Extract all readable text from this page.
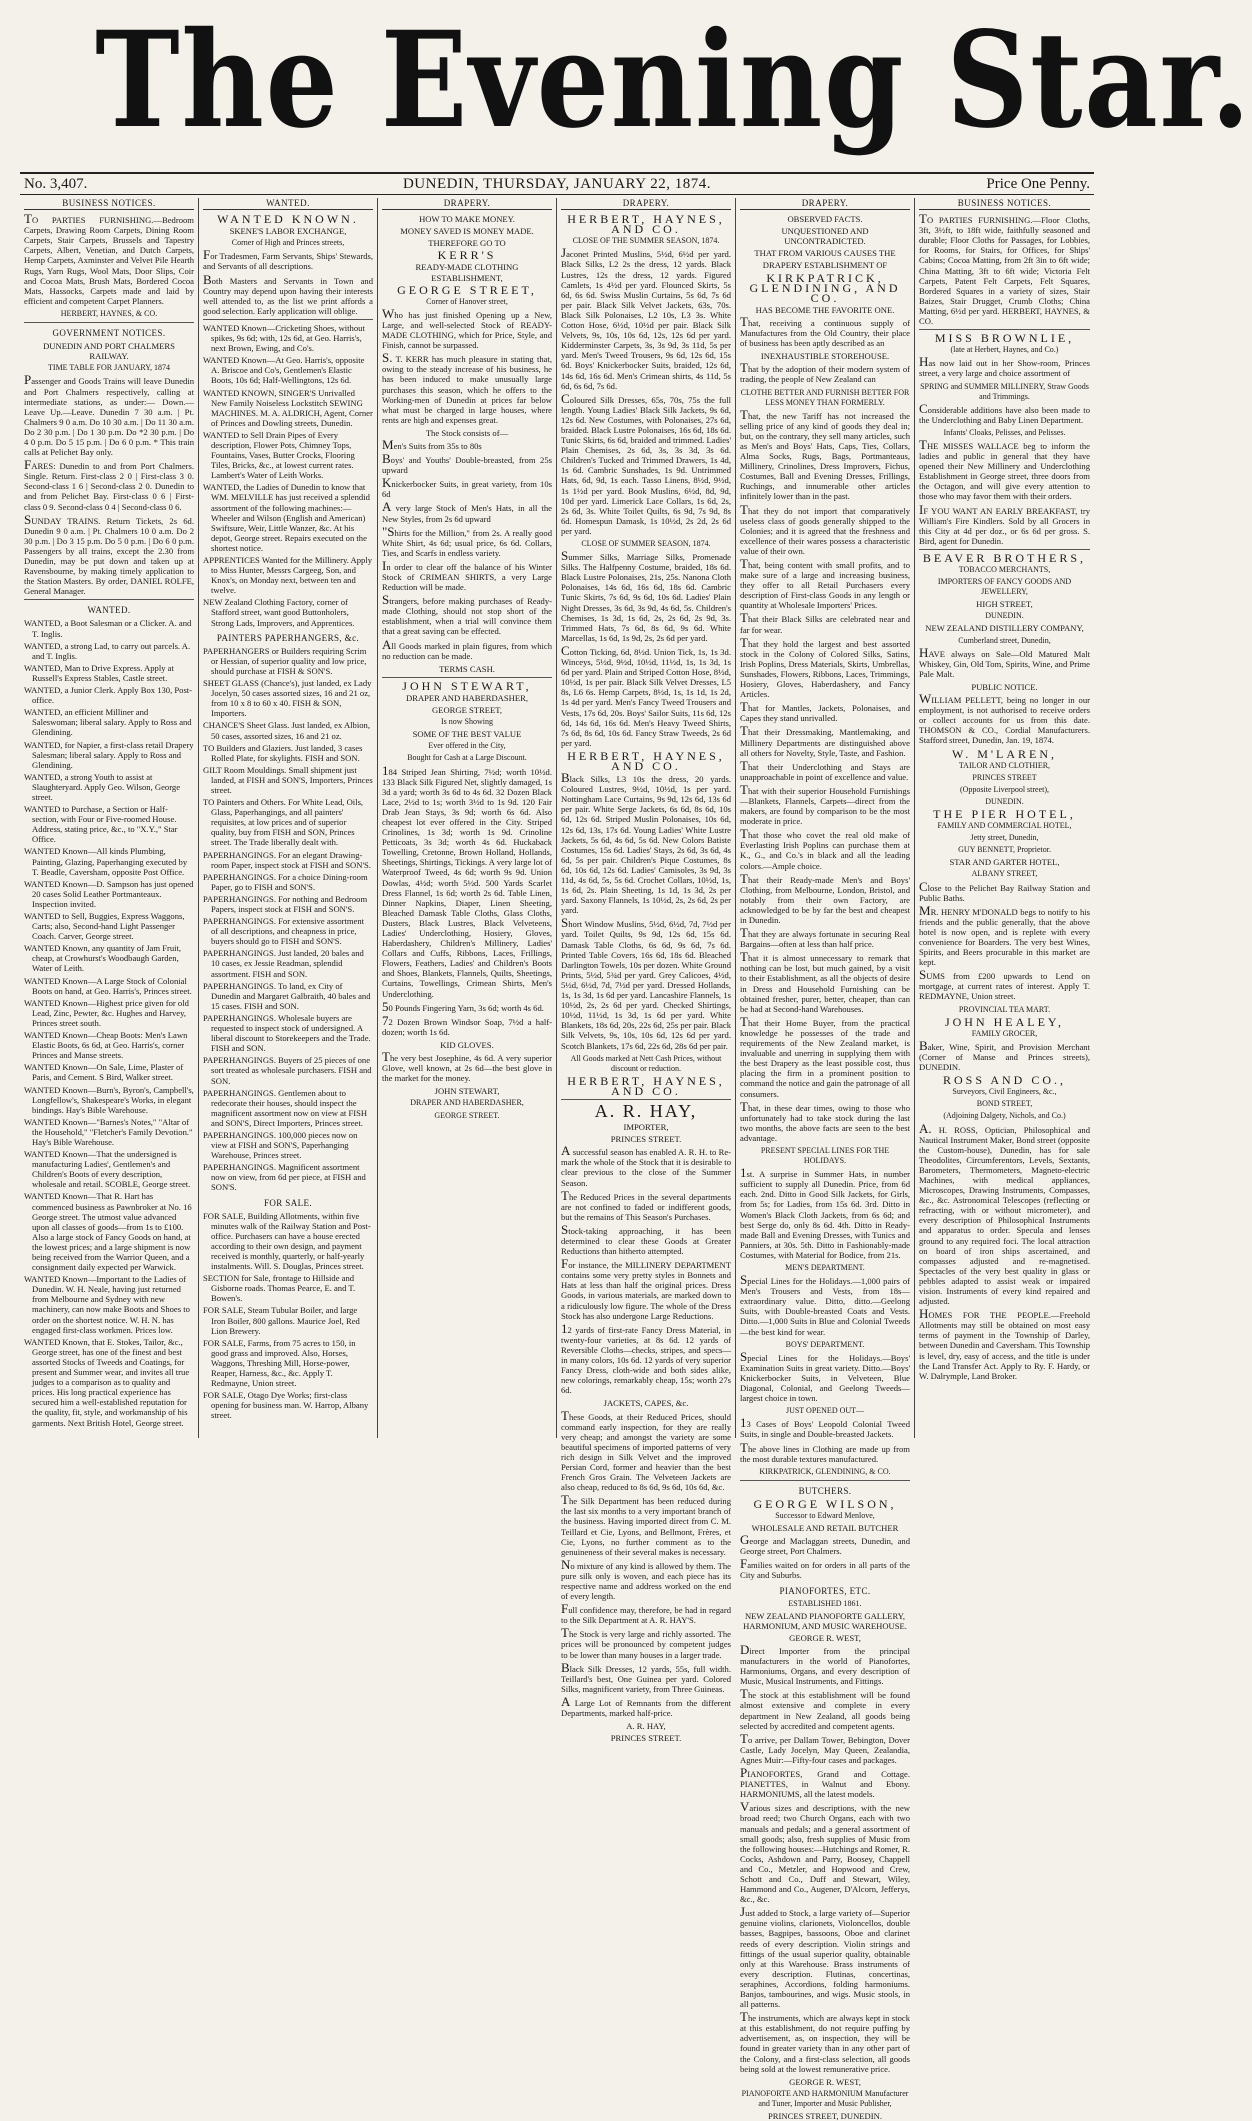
The Evening Star.
No. 3,407.	DUNEDIN, THURSDAY, JANUARY 22, 1874.	Price One Penny.
BUSINESS NOTICES.

TO PARTIES FURNISHING.—Bedroom Carpets, Drawing Room Carpets, Dining Room Carpets, Stair Carpets, Brussels and Tapestry Carpets, Albert, Venetian, and Dutch Carpets, Hemp Carpets, Axminster and Velvet Pile Hearth Rugs, Yarn Rugs, Wool Mats, Door Slips, Coir and Cocoa Mats, Brush Mats, Bordered Cocoa Mats, Hassocks, Carpets made and laid by efficient and competent Carpet Planners.

HERBERT, HAYNES, & CO.
GOVERNMENT NOTICES.
DUNEDIN AND PORT CHALMERS RAILWAY.
TIME TABLE FOR JANUARY, 1874

Passenger and Goods Trains will leave Dunedin and Port Chalmers respectively, calling at intermediate stations, as under:— Down.—Leave Up.—Leave. Dunedin 7 30 a.m. | Pt. Chalmers 9 0 a.m. Do 10 30 a.m. | Do 11 30 a.m. Do 2 30 p.m. | Do 1 30 p.m. Do *2 30 p.m. | Do 4 0 p.m. Do 5 15 p.m. | Do 6 0 p.m. * This train calls at Pelichet Bay only.

FARES: Dunedin to and from Port Chalmers. Single. Return. First-class 2 0 | First-class 3 0. Second-class 1 6 | Second-class 2 0. Dunedin to and from Pelichet Bay. First-class 0 6 | First-class 0 9. Second-class 0 4 | Second-class 0 6.

SUNDAY TRAINS. Return Tickets, 2s 6d. Dunedin 9 0 a.m. | Pt. Chalmers 10 0 a.m. Do 2 30 p.m. | Do 3 15 p.m. Do 5 0 p.m. | Do 6 0 p.m. Passengers by all trains, except the 2.30 from Dunedin, may be put down and taken up at Ravensbourne, by making timely application to the Station Masters. By order, DANIEL ROLFE, General Manager.

WANTED.

WANTED, a Boot Salesman or a Clicker. A. and T. Inglis.

WANTED, a strong Lad, to carry out parcels. A. and T. Inglis.

WANTED, Man to Drive Express. Apply at Russell's Express Stables, Castle street.

WANTED, a Junior Clerk. Apply Box 130, Post-office.

WANTED, an efficient Milliner and Saleswoman; liberal salary. Apply to Ross and Glendining.

WANTED, for Napier, a first-class retail Drapery Salesman; liberal salary. Apply to Ross and Glendining.

WANTED, a strong Youth to assist at Slaughteryard. Apply Geo. Wilson, George street.

WANTED to Purchase, a Section or Half-section, with Four or Five-roomed House. Address, stating price, &c., to "X.Y.," Star Office.

WANTED Known—All kinds Plumbing, Painting, Glazing, Paperhanging executed by T. Beadle, Caversham, opposite Post Office.

WANTED Known—D. Sampson has just opened 20 cases Solid Leather Portmanteaux. Inspection invited.

WANTED to Sell, Buggies, Express Waggons, Carts; also, Second-hand Light Passenger Coach. Carver, George street.

WANTED Known, any quantity of Jam Fruit, cheap, at Crowhurst's Woodbaugh Garden, Water of Leith.

WANTED Known—A Large Stock of Colonial Boots on hand, at Geo. Harris's, Princes street.

WANTED Known—Highest price given for old Lead, Zinc, Pewter, &c. Hughes and Harvey, Princes street south.

WANTED Known—Cheap Boots: Men's Lawn Elastic Boots, 6s 6d, at Geo. Harris's, corner Princes and Manse streets.

WANTED Known—On Sale, Lime, Plaster of Paris, and Cement. S Bird, Walker street.

WANTED Known—Burn's, Byron's, Campbell's, Longfellow's, Shakespeare's Works, in elegant bindings. Hay's Bible Warehouse.

WANTED Known—"Barnes's Notes," "Altar of the Household," "Fletcher's Family Devotion." Hay's Bible Warehouse.

WANTED Known—That the undersigned is manufacturing Ladies', Gentlemen's and Children's Boots of every description, wholesale and retail. SCOBLE, George street.

WANTED Known—That R. Hart has commenced business as Pawnbroker at No. 16 George street. The utmost value advanced upon all classes of goods—from 1s to £100. Also a large stock of Fancy Goods on hand, at the lowest prices; and a large shipment is now being received from the Warrior Queen, and a consignment daily expected per Warwick.

WANTED Known—Important to the Ladies of Dunedin. W. H. Neale, having just returned from Melbourne and Sydney with new machinery, can now make Boots and Shoes to order on the shortest notice. W. H. N. has engaged first-class workmen. Prices low.

WANTED Known, that E. Stokes, Tailor, &c., George street, has one of the finest and best assorted Stocks of Tweeds and Coatings, for present and Summer wear, and invites all true judges to a comparison as to quality and prices. His long practical experience has secured him a well-established reputation for the quality, fit, style, and workmanship of his garments. Next British Hotel, George street.

WANTED.
WANTED KNOWN.
SKENE'S LABOR EXCHANGE,
Corner of High and Princes streets,

For Tradesmen, Farm Servants, Ships' Stewards, and Servants of all descriptions.

Both Masters and Servants in Town and Country may depend upon having their interests well attended to, as the list we print affords a good selection. Early application will oblige.

WANTED Known—Cricketing Shoes, without spikes, 9s 6d; with, 12s 6d, at Geo. Harris's, next Brown, Ewing, and Co's.

WANTED Known—At Geo. Harris's, opposite A. Briscoe and Co's, Gentlemen's Elastic Boots, 10s 6d; Half-Wellingtons, 12s 6d.

WANTED KNOWN, SINGER'S Unrivalled New Family Noiseless Lockstitch SEWING MACHINES. M. A. ALDRICH, Agent, Corner of Princes and Dowling streets, Dunedin.

WANTED to Sell Drain Pipes of Every description, Flower Pots, Chimney Tops, Fountains, Vases, Butter Crocks, Flooring Tiles, Bricks, &c., at lowest current rates. Lambert's Water of Leith Works.

WANTED, the Ladies of Dunedin to know that WM. MELVILLE has just received a splendid assortment of the following machines:— Wheeler and Wilson (English and American) Swiftsure, Weir, Little Wanzer, &c. At his depot, George street. Repairs executed on the shortest notice.

APPRENTICES Wanted for the Millinery. Apply to Miss Hunter, Messrs Cargeeg, Son, and Knox's, on Monday next, between ten and twelve.

NEW Zealand Clothing Factory, corner of Stafford street, want good Buttonholers, Strong Lads, Improvers, and Apprentices.

PAINTERS PAPERHANGERS, &c.

PAPERHANGERS or Builders requiring Scrim or Hessian, of superior quality and low price, should purchase at FISH & SON'S.

SHEET GLASS (Chance's), just landed, ex Lady Jocelyn, 50 cases assorted sizes, 16 and 21 oz, from 10 x 8 to 60 x 40. FISH & SON, Importers.

CHANCE'S Sheet Glass. Just landed, ex Albion, 50 cases, assorted sizes, 16 and 21 oz.

TO Builders and Glaziers. Just landed, 3 cases Rolled Plate, for skylights. FISH and SON.

GILT Room Mouldings. Small shipment just landed, at FISH and SON'S, Importers, Princes street.

TO Painters and Others. For White Lead, Oils, Glass, Paperhangings, and all painters' requisites, at low prices and of superior quality, buy from FISH and SON, Princes street. The Trade liberally dealt with.

PAPERHANGINGS. For an elegant Drawing-room Paper, inspect stock at FISH and SON'S.

PAPERHANGINGS. For a choice Dining-room Paper, go to FISH and SON'S.

PAPERHANGINGS. For nothing and Bedroom Papers, inspect stock at FISH and SON'S.

PAPERHANGINGS. For extensive assortment of all descriptions, and cheapness in price, buyers should go to FISH and SON'S.

PAPERHANGINGS. Just landed, 20 bales and 10 cases, ex Jessie Readman, splendid assortment. FISH and SON.

PAPERHANGINGS. To land, ex City of Dunedin and Margaret Galbraith, 40 bales and 15 cases. FISH and SON.

PAPERHANGINGS. Wholesale buyers are requested to inspect stock of undersigned. A liberal discount to Storekeepers and the Trade. FISH and SON.

PAPERHANGINGS. Buyers of 25 pieces of one sort treated as wholesale purchasers. FISH and SON.

PAPERHANGINGS. Gentlemen about to redecorate their houses, should inspect the magnificent assortment now on view at FISH and SON'S, Direct Importers, Princes street.

PAPERHANGINGS. 100,000 pieces now on view at FISH and SON'S, Paperhanging Warehouse, Princes street.

PAPERHANGINGS. Magnificent assortment now on view, from 6d per piece, at FISH and SON'S.

FOR SALE.

FOR SALE, Building Allotments, within five minutes walk of the Railway Station and Post-office. Purchasers can have a house erected according to their own design, and payment received is monthly, quarterly, or half-yearly instalments. Will. S. Douglas, Princes street.

SECTION for Sale, frontage to Hillside and Gisborne roads. Thomas Pearce, E. and T. Bowen's.

FOR SALE, Steam Tubular Boiler, and large Iron Boiler, 800 gallons. Maurice Joel, Red Lion Brewery.

FOR SALE, Farms, from 75 acres to 150, in good grass and improved. Also, Horses, Waggons, Threshing Mill, Horse-power, Reaper, Harness, &c., &c. Apply T. Redmayne, Union street.

FOR SALE, Otago Dye Works; first-class opening for business man. W. Harrop, Albany street.

DRAPERY.
HOW TO MAKE MONEY.
MONEY SAVED IS MONEY MADE.
THEREFORE GO TO
KERR'S
READY-MADE CLOTHING ESTABLISHMENT,
GEORGE STREET,
Corner of Hanover street,

Who has just finished Opening up a New, Large, and well-selected Stock of READY-MADE CLOTHING, which for Price, Style, and Finish, cannot be surpassed.

S. T. KERR has much pleasure in stating that, owing to the steady increase of his business, he has been induced to make unusually large purchases this season, which he offers to the Working-men of Dunedin at prices far below what must be charged in large houses, where rents are high and expenses great.

The Stock consists of—

Men's Suits from 35s to 80s

Boys' and Youths' Double-breasted, from 25s upward

Knickerbocker Suits, in great variety, from 10s 6d

A very large Stock of Men's Hats, in all the New Styles, from 2s 6d upward

"Shirts for the Million," from 2s. A really good White Shirt, 4s 6d; usual price, 6s 6d. Collars, Ties, and Scarfs in endless variety.

In order to clear off the balance of his Winter Stock of CRIMEAN SHIRTS, a very Large Reduction will be made.

Strangers, before making purchases of Ready-made Clothing, should not stop short of the establishment, when a trial will convince them that a great saving can be effected.

All Goods marked in plain figures, from which no reduction can be made.

TERMS CASH.
JOHN STEWART,
DRAPER AND HABERDASHER,
GEORGE STREET,
Is now Showing
SOME OF THE BEST VALUE
Ever offered in the City,
Bought for Cash at a Large Discount.

184 Striped Jean Shirting, 7½d; worth 10½d. 133 Black Silk Figured Net, slightly damaged, 1s 3d a yard; worth 3s 6d to 4s 6d. 32 Dozen Black Lace, 2½d to 1s; worth 3½d to 1s 9d. 120 Fair Drab Jean Stays, 3s 9d; worth 6s 6d. Also cheapest lot ever offered in the City. Striped Crinolines, 1s 3d; worth 1s 9d. Crinoline Petticoats, 3s 3d; worth 4s 6d. Huckaback Towelling, Cretonne, Brown Holland, Hollands, Sheetings, Shirtings, Tickings. A very large lot of Waterproof Tweed, 4s 6d; worth 9s 9d. Union Dowlas, 4½d; worth 5½d. 500 Yards Scarlet Dress Flannel, 1s 6d; worth 2s 6d. Table Linen, Dinner Napkins, Diaper, Linen Sheeting, Bleached Damask Table Cloths, Glass Cloths, Dusters, Black Lustres, Black Velveteens, Ladies' Underclothing, Hosiery, Gloves, Haberdashery, Children's Millinery, Ladies' Collars and Cuffs, Ribbons, Laces, Frillings, Flowers, Feathers, Ladies' and Children's Boots and Shoes, Blankets, Flannels, Quilts, Sheetings, Curtains, Towellings, Crimean Shirts, Men's Underclothing.

50 Pounds Fingering Yarn, 3s 6d; worth 4s 6d.

72 Dozen Brown Windsor Soap, 7½d a half-dozen; worth 1s 6d.

KID GLOVES.

The very best Josephine, 4s 6d. A very superior Glove, well known, at 2s 6d—the best glove in the market for the money.

JOHN STEWART,
DRAPER AND HABERDASHER,
GEORGE STREET.
DRAPERY.
HERBERT, HAYNES, AND CO.
CLOSE OF THE SUMMER SEASON, 1874.

Jaconet Printed Muslins, 5½d, 6½d per yard. Black Silks, L2 2s the dress, 12 yards. Black Lustres, 12s the dress, 12 yards. Figured Camlets, 1s 4½d per yard. Flounced Skirts, 5s 6d, 6s 6d. Swiss Muslin Curtains, 5s 6d, 7s 6d per pair. Black Silk Velvet Jackets, 63s, 70s. Black Silk Polonaises, L2 10s, L3 3s. White Cotton Hose, 6½d, 10½d per pair. Black Silk Velvets, 9s, 10s, 10s 6d, 12s, 12s 6d per yard. Kidderminster Carpets, 3s, 3s 9d, 3s 11d, 5s per yard. Men's Tweed Trousers, 9s 6d, 12s 6d, 15s 6d. Boys' Knickerbocker Suits, braided, 12s 6d, 14s 6d, 16s 6d. Men's Crimean shirts, 4s 11d, 5s 6d, 6s 6d, 7s 6d.

Coloured Silk Dresses, 65s, 70s, 75s the full length. Young Ladies' Black Silk Jackets, 9s 6d, 12s 6d. New Costumes, with Polonaises, 27s 6d, braided. Black Lustre Polonaises, 16s 6d, 18s 6d. Tunic Skirts, 6s 6d, braided and trimmed. Ladies' Plain Chemises, 2s 6d, 3s, 3s 3d, 3s 6d. Children's Tucked and Trimmed Drawers, 1s 4d, 1s 6d. Cambric Sunshades, 1s 9d. Untrimmed Hats, 6d, 9d, 1s each. Tasso Linens, 8½d, 9½d, 1s 1½d per yard. Book Muslins, 6½d, 8d, 9d, 10d per yard. Limerick Lace Collars, 1s 6d, 2s, 2s 6d, 3s. White Toilet Quilts, 6s 9d, 7s 9d, 8s 6d. Homespun Damask, 1s 10½d, 2s 2d, 2s 6d per yard.

CLOSE OF SUMMER SEASON, 1874.

Summer Silks, Marriage Silks, Promenade Silks. The Halfpenny Costume, braided, 18s 6d. Black Lustre Polonaises, 21s, 25s. Nanona Cloth Polonaises, 14s 6d, 16s 6d, 18s 6d. Cambric Tunic Skirts, 7s 6d, 9s 6d, 10s 6d. Ladies' Plain Night Dresses, 3s 6d, 3s 9d, 4s 6d, 5s. Children's Chemises, 1s 3d, 1s 6d, 2s, 2s 6d, 2s 9d, 3s. Trimmed Hats, 7s 6d, 8s 6d, 9s 6d. White Marcellas, 1s 6d, 1s 9d, 2s, 2s 6d per yard.

Cotton Ticking, 6d, 8½d. Union Tick, 1s, 1s 3d. Winceys, 5½d, 9½d, 10½d, 11½d, 1s, 1s 3d, 1s 6d per yard. Plain and Striped Cotton Hose, 8½d, 10½d, 1s per pair. Black Silk Velvet Dresses, L5 8s, L6 6s. Hemp Carpets, 8½d, 1s, 1s 1d, 1s 2d, 1s 4d per yard. Men's Fancy Tweed Trousers and Vests, 17s 6d, 20s. Boys' Sailor Suits, 11s 6d, 12s 6d, 14s 6d, 16s 6d. Men's Heavy Tweed Shirts, 7s 6d, 8s 6d, 10s 6d. Fancy Straw Tweeds, 2s 6d per yard.

HERBERT, HAYNES, AND CO.

Black Silks, L3 10s the dress, 20 yards. Coloured Lustres, 9½d, 10½d, 1s per yard. Nottingham Lace Curtains, 9s 9d, 12s 6d, 13s 6d per pair. White Serge Jackets, 6s 6d, 8s 6d, 10s 6d, 12s 6d. Striped Muslin Polonaises, 10s 6d, 12s 6d, 13s, 17s 6d. Young Ladies' White Lustre Jackets, 5s 6d, 4s 6d, 5s 6d. New Colors Batiste Costumes, 15s 6d. Ladies' Stays, 2s 6d, 3s 6d, 4s 6d, 5s per pair. Children's Pique Costumes, 8s 6d, 10s 6d, 12s 6d. Ladies' Camisoles, 3s 9d, 3s 11d, 4s 6d, 5s, 5s 6d. Crochet Collars, 10½d, 1s, 1s 6d, 2s. Plain Sheeting, 1s 1d, 1s 3d, 2s per yard. Saxony Flannels, 1s 10½d, 2s, 2s 6d, 2s per yard.

Short Window Muslins, 5½d, 6½d, 7d, 7½d per yard. Toilet Quilts, 9s 9d, 12s 6d, 15s 6d. Damask Table Cloths, 6s 6d, 9s 6d, 7s 6d. Printed Table Covers, 16s 6d, 18s 6d. Bleached Darlington Towels, 10s per dozen. White Ground Prints, 5½d, 5¾d per yard. Grey Calicoes, 4½d, 5½d, 6½d, 7d, 7½d per yard. Dressed Hollands, 1s, 1s 3d, 1s 6d per yard. Lancashire Flannels, 1s 10½d, 2s, 2s 6d per yard. Checked Shirtings, 10½d, 11½d, 1s 3d, 1s 6d per yard. White Blankets, 18s 6d, 20s, 22s 6d, 25s per pair. Black Silk Velvets, 9s, 10s, 10s 6d, 12s 6d per yard. Scotch Blankets, 17s 6d, 22s 6d, 28s 6d per pair.

All Goods marked at Nett Cash Prices, without discount or reduction.
HERBERT, HAYNES, AND CO.
A. R. HAY,
IMPORTER,
PRINCES STREET.

A successful season has enabled A. R. H. to Re-mark the whole of the Stock that it is desirable to clear previous to the close of the Summer Season.

The Reduced Prices in the several departments are not confined to faded or indifferent goods, but the remains of This Season's Purchases.

Stock-taking approaching, it has been determined to clear these Goods at Greater Reductions than hitherto attempted.

For instance, the MILLINERY DEPARTMENT contains some very pretty styles in Bonnets and Hats at less than half the original prices. Dress Goods, in various materials, are marked down to a ridiculously low figure. The whole of the Dress Stock has also undergone Large Reductions.

12 yards of first-rate Fancy Dress Material, in twenty-four varieties, at 8s 6d. 12 yards of Reversible Cloths—checks, stripes, and specs—in many colors, 10s 6d. 12 yards of very superior Fancy Dress, cloth-wide and both sides alike, new colorings, remarkably cheap, 15s; worth 27s 6d.

JACKETS, CAPES, &c.

These Goods, at their Reduced Prices, should command early inspection, for they are really very cheap; and amongst the variety are some beautiful specimens of imported patterns of very rich design in Silk Velvet and the improved Persian Cord, former and heavier than the best French Gros Grain. The Velveteen Jackets are also cheap, reduced to 8s 6d, 9s 6d, 10s 6d, &c.

The Silk Department has been reduced during the last six months to a very important branch of the business. Having imported direct from C. M. Teillard et Cie, Lyons, and Bellmont, Frères, et Cie, Lyons, no further comment as to the genuineness of their several makes is necessary.

No mixture of any kind is allowed by them. The pure silk only is woven, and each piece has its respective name and address worked on the end of every length.

Full confidence may, therefore, be had in regard to the Silk Department at A. R. HAY'S.

The Stock is very large and richly assorted. The prices will be pronounced by competent judges to be lower than many houses in a larger trade.

Black Silk Dresses, 12 yards, 55s, full width. Teillard's best, One Guinea per yard. Colored Silks, magnificent variety, from Three Guineas.

A Large Lot of Remnants from the different Departments, marked half-price.

A. R. HAY,
PRINCES STREET.
DRAPERY.
OBSERVED FACTS.
UNQUESTIONED AND UNCONTRADICTED.
THAT FROM VARIOUS CAUSES THE
DRAPERY ESTABLISHMENT OF
KIRKPATRICK, GLENDINING, AND CO.
HAS BECOME THE FAVORITE ONE.

That, receiving a continuous supply of Manufactures from the Old Country, their place of business has been aptly described as an

INEXHAUSTIBLE STOREHOUSE.

That by the adoption of their modern system of trading, the people of New Zealand can

CLOTHE BETTER AND FURNISH BETTER FOR LESS MONEY THAN FORMERLY.

That, the new Tariff has not increased the selling price of any kind of goods they deal in; but, on the contrary, they sell many articles, such as Men's and Boys' Hats, Caps, Ties, Collars, Alma Socks, Rugs, Bags, Portmanteaus, Millinery, Crinolines, Dress Improvers, Fichus, Costumes, Ball and Evening Dresses, Frillings, Ruchings, and innumerable other articles infinitely lower than in the past.

That they do not import that comparatively useless class of goods generally shipped to the Colonies; and it is agreed that the freshness and excellence of their wares possess a characteristic value of their own.

That, being content with small profits, and to make sure of a large and increasing business, they offer to all Retail Purchasers every description of First-class Goods in any length or quantity at Wholesale Importers' Prices.

That their Black Silks are celebrated near and far for wear.

That they hold the largest and best assorted stock in the Colony of Colored Silks, Satins, Irish Poplins, Dress Materials, Skirts, Umbrellas, Sunshades, Flowers, Ribbons, Laces, Trimmings, Hosiery, Gloves, Haberdashery, and Fancy Articles.

That for Mantles, Jackets, Polonaises, and Capes they stand unrivalled.

That their Dressmaking, Mantlemaking, and Millinery Departments are distinguished above all others for Novelty, Style, Taste, and Fashion.

That their Underclothing and Stays are unapproachable in point of excellence and value.

That with their superior Household Furnishings—Blankets, Flannels, Carpets—direct from the makers, are found by comparison to be the most moderate in price.

That those who covet the real old make of Everlasting Irish Poplins can purchase them at K., G., and Co.'s in black and all the leading colors.—Ample choice.

That their Ready-made Men's and Boys' Clothing, from Melbourne, London, Bristol, and notably from their own Factory, are acknowledged to be by far the best and cheapest in Dunedin.

That they are always fortunate in securing Real Bargains—often at less than half price.

That it is almost unnecessary to remark that nothing can be lost, but much gained, by a visit to their Establishment, as all the objects of desire in Dress and Household Furnishing can be obtained fresher, purer, better, cheaper, than can be had at Second-hand Warehouses.

That their Home Buyer, from the practical knowledge he possesses of the trade and requirements of the New Zealand market, is invaluable and unerring in supplying them with the best Drapery as the least possible cost, thus placing the firm in a prominent position to command the notice and gain the patronage of all consumers.

That, in these dear times, owing to those who unfortunately had to take stock during the last two months, the above facts are seen to the best advantage.

PRESENT SPECIAL LINES FOR THE HOLIDAYS.

1st. A surprise in Summer Hats, in number sufficient to supply all Dunedin. Price, from 6d each. 2nd. Ditto in Good Silk Jackets, for Girls, from 5s; for Ladies, from 15s 6d. 3rd. Ditto in Women's Black Cloth Jackets, from 6s 6d; and best Serge do, only 8s 6d. 4th. Ditto in Ready-made Ball and Evening Dresses, with Tunics and Panniers, at 30s. 5th. Ditto in Fashionably-made Costumes, with Material for Bodice, from 21s.

MEN'S DEPARTMENT.

Special Lines for the Holidays.—1,000 pairs of Men's Trousers and Vests, from 18s—extraordinary value. Ditto, ditto.—Geelong Suits, with Double-breasted Coats and Vests. Ditto.—1,000 Suits in Blue and Colonial Tweeds—the best kind for wear.

BOYS' DEPARTMENT.

Special Lines for the Holidays.—Boys' Examination Suits in great variety. Ditto.—Boys' Knickerbocker Suits, in Velveteen, Blue Diagonal, Colonial, and Geelong Tweeds—largest choice in town.

JUST OPENED OUT—

13 Cases of Boys' Leopold Colonial Tweed Suits, in single and Double-breasted Jackets.

The above lines in Clothing are made up from the most durable textures manufactured.

KIRKPATRICK, GLENDINING, & CO.
BUTCHERS.
GEORGE WILSON,
Successor to Edward Menlove,
WHOLESALE AND RETAIL BUTCHER

George and Maclaggan streets, Dunedin, and George street, Port Chalmers.

Families waited on for orders in all parts of the City and Suburbs.

PIANOFORTES, ETC.
ESTABLISHED 1861.
NEW ZEALAND PIANOFORTE GALLERY, HARMONIUM, AND MUSIC WAREHOUSE.
GEORGE R. WEST,

Direct Importer from the principal manufacturers in the world of Pianofortes, Harmoniums, Organs, and every description of Music, Musical Instruments, and Fittings.

The stock at this establishment will be found almost extensive and complete in every department in New Zealand, all goods being selected by accredited and competent agents.

To arrive, per Dallam Tower, Bebington, Dover Castle, Lady Jocelyn, May Queen, Zealandia, Agnes Muir:—Fifty-four cases and packages.

PIANOFORTES, Grand and Cottage. PIANETTES, in Walnut and Ebony. HARMONIUMS, all the latest models.

Various sizes and descriptions, with the new broad reed; two Church Organs, each with two manuals and pedals; and a general assortment of small goods; also, fresh supplies of Music from the following houses:—Hutchings and Romer, R. Cocks, Ashdown and Parry, Boosey, Chappell and Co., Metzler, and Hopwood and Crew, Schott and Co., Duff and Stewart, Wiley, Hammond and Co., Augener, D'Alcorn, Jefferys, &c., &c.

Just added to Stock, a large variety of—Superior genuine violins, clarionets, Violoncellos, double basses, Bagpipes, bassoons, Oboe and clarinet reeds of every description. Violin strings and fittings of the usual superior quality, obtainable only at this Warehouse. Brass instruments of every description. Flutinas, concertinas, seraphines, Accordions, folding harmoniums. Banjos, tambourines, and wigs. Music stools, in all patterns.

The instruments, which are always kept in stock at this establishment, do not require puffing by advertisement, as, on inspection, they will be found in greater variety than in any other part of the Colony, and a first-class selection, all goods being sold at the lowest remunerative price.

GEORGE R. WEST,
PIANOFORTE AND HARMONIUM Manufacturer and Tuner, Importer and Music Publisher,
PRINCES STREET, DUNEDIN.
BUSINESS NOTICES.

TO PARTIES FURNISHING.—Floor Cloths, 3ft, 3½ft, to 18ft wide, faithfully seasoned and durable; Floor Cloths for Passages, for Lobbies, for Rooms, for Stairs, for Offices, for Ships' Cabins; Cocoa Matting, from 2ft 3in to 6ft wide; China Matting, 3ft to 6ft wide; Victoria Felt Carpets, Patent Felt Carpets, Felt Squares, Bordered Squares in a variety of sizes, Stair Baizes, Stair Drugget, Crumb Cloths; China Matting, 6½d per yard. HERBERT, HAYNES, & CO.

MISS BROWNLIE,
(late at Herbert, Haynes, and Co.)

Has now laid out in her Show-room, Princes street, a very large and choice assortment of

SPRING and SUMMER MILLINERY, Straw Goods and Trimmings.

Considerable additions have also been made to the Underclothing and Baby Linen Department.

Infants' Cloaks, Pelisses, and Pelisses.

THE MISSES WALLACE beg to inform the ladies and public in general that they have opened their New Millinery and Underclothing Establishment in George street, three doors from the Octagon, and will give every attention to those who may favor them with their orders.

IF YOU WANT AN EARLY BREAKFAST, try William's Fire Kindlers. Sold by all Grocers in this City at 4d per doz., or 6s 6d per gross. S. Bird, agent for Dunedin.

BEAVER BROTHERS,
TOBACCO MERCHANTS,
IMPORTERS OF FANCY GOODS AND JEWELLERY,
HIGH STREET,
DUNEDIN.
NEW ZEALAND DISTILLERY COMPANY,
Cumberland street, Dunedin,

HAVE always on Sale—Old Matured Malt Whiskey, Gin, Old Tom, Spirits, Wine, and Prime Pale Malt.

PUBLIC NOTICE.

WILLIAM PELLETT, being no longer in our employment, is not authorised to receive orders or collect accounts for us from this date. THOMSON & CO., Cordial Manufacturers. Stafford street, Dunedin, Jan. 19, 1874.

W. M'LAREN,
TAILOR AND CLOTHIER,
PRINCES STREET
(Opposite Liverpool street),
DUNEDIN.
THE PIER HOTEL,
FAMILY AND COMMERCIAL HOTEL,
Jetty street, Dunedin,
GUY BENNETT, Proprietor.
STAR AND GARTER HOTEL,
ALBANY STREET,

Close to the Pelichet Bay Railway Station and Public Baths.

MR. HENRY M'DONALD begs to notify to his friends and the public generally, that the above hotel is now open, and is replete with every convenience for Boarders. The very best Wines, Spirits, and Beers procurable in this market are kept.

SUMS from £200 upwards to Lend on mortgage, at current rates of interest. Apply T. REDMAYNE, Union street.

PROVINCIAL TEA MART.
JOHN HEALEY,
FAMILY GROCER,

Baker, Wine, Spirit, and Provision Merchant (Corner of Manse and Princes streets), DUNEDIN.

ROSS AND CO.,
Surveyors, Civil Engineers, &c.,
BOND STREET,
(Adjoining Dalgety, Nichols, and Co.)

A. H. ROSS, Optician, Philosophical and Nautical Instrument Maker, Bond street (opposite the Custom-house), Dunedin, has for sale Theodolites, Circumferentors, Levels, Sextants, Barometers, Thermometers, Magneto-electric Machines, with medical appliances, Microscopes, Drawing Instruments, Compasses, &c., &c. Astronomical Telescopes (reflecting or refracting, with or without micrometer), and every description of Philosophical Instruments and apparatus to order. Specula and lenses ground to any required foci. The local attraction on board of iron ships ascertained, and compasses adjusted and re-magnetised. Spectacles of the very best quality in glass or pebbles adapted to assist weak or impaired vision. Instruments of every kind repaired and adjusted.

HOMES FOR THE PEOPLE.—Freehold Allotments may still be obtained on most easy terms of payment in the Township of Darley, between Dunedin and Caversham. This Township is level, dry, easy of access, and the title is under the Land Transfer Act. Apply to Ry. F. Hardy, or W. Dalrymple, Land Broker.
